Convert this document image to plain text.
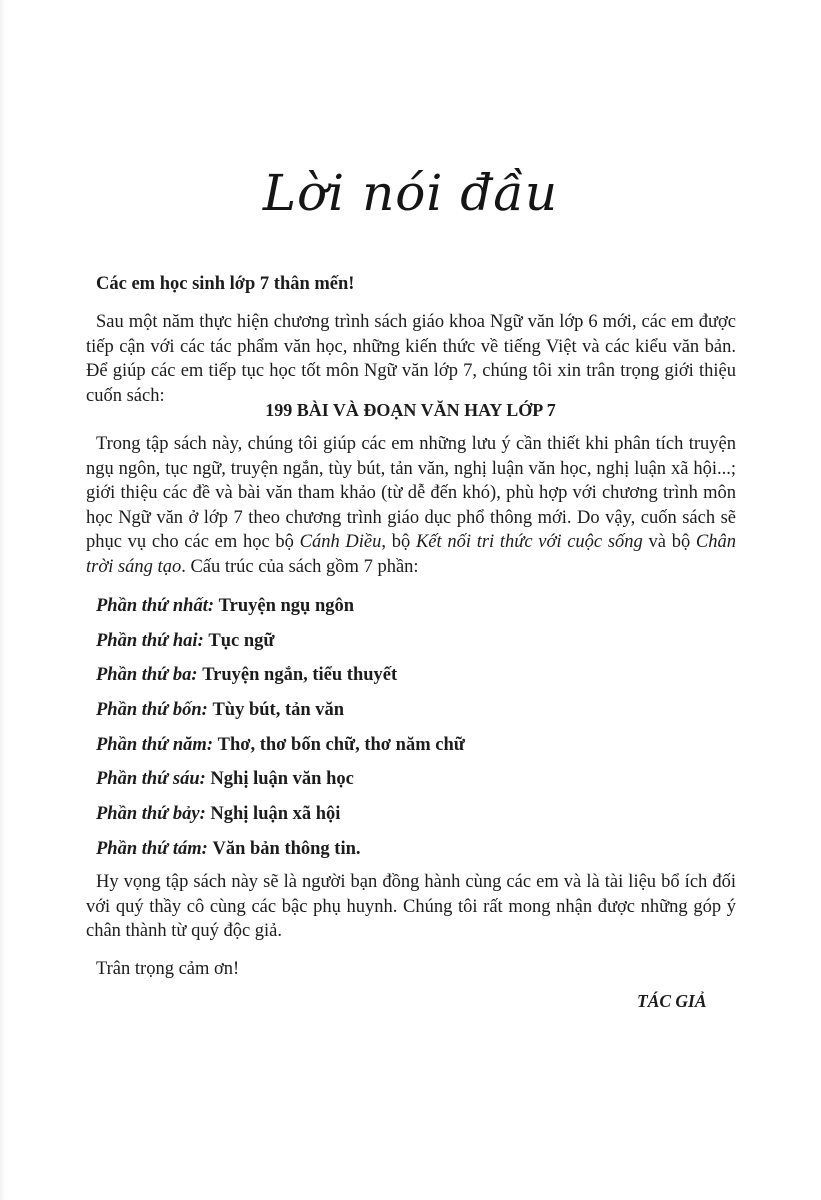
Lời nói đầu
Các em học sinh lớp 7 thân mến!

Sau một năm thực hiện chương trình sách giáo khoa Ngữ văn lớp 6 mới, các em được tiếp cận với các tác phẩm văn học, những kiến thức về tiếng Việt và các kiểu văn bản. Để giúp các em tiếp tục học tốt môn Ngữ văn lớp 7, chúng tôi xin trân trọng giới thiệu cuốn sách:

199 BÀI VÀ ĐOẠN VĂN HAY LỚP 7

Trong tập sách này, chúng tôi giúp các em những lưu ý cần thiết khi phân tích truyện ngụ ngôn, tục ngữ, truyện ngắn, tùy bút, tản văn, nghị luận văn học, nghị luận xã hội...; giới thiệu các đề và bài văn tham khảo (từ dễ đến khó), phù hợp với chương trình môn học Ngữ văn ở lớp 7 theo chương trình giáo dục phổ thông mới. Do vậy, cuốn sách sẽ phục vụ cho các em học bộ Cánh Diều, bộ Kết nối tri thức với cuộc sống và bộ Chân trời sáng tạo. Cấu trúc của sách gồm 7 phần:

Phần thứ nhất: Truyện ngụ ngôn
Phần thứ hai: Tục ngữ
Phần thứ ba: Truyện ngắn, tiểu thuyết
Phần thứ bốn: Tùy bút, tản văn
Phần thứ năm: Thơ, thơ bốn chữ, thơ năm chữ
Phần thứ sáu: Nghị luận văn học
Phần thứ bảy: Nghị luận xã hội
Phần thứ tám: Văn bản thông tin.

Hy vọng tập sách này sẽ là người bạn đồng hành cùng các em và là tài liệu bổ ích đối với quý thầy cô cùng các bậc phụ huynh. Chúng tôi rất mong nhận được những góp ý chân thành từ quý độc giả.

Trân trọng cảm ơn!
TÁC GIẢ
